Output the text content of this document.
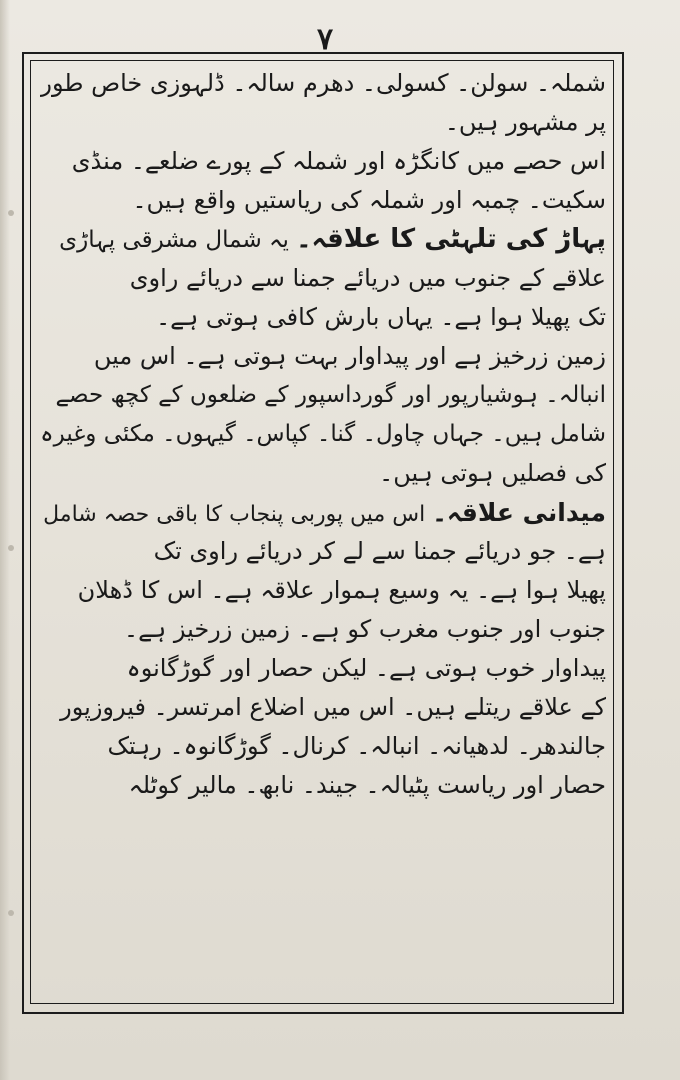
۷
شملہ۔ سولن۔ کسولی۔ دھرم سالہ۔ ڈلہوزی خاص طور
پر مشہور ہیں۔
اس حصے میں کانگڑہ اور شملہ کے پورے ضلعے۔ منڈی
سکیت۔ چمبہ اور شملہ کی ریاستیں واقع ہیں۔
پہاڑ کی تلہٹی کا علاقہ۔ یہ شمال مشرقی پہاڑی
علاقے کے جنوب میں دریائے جمنا سے دریائے راوی
تک پھیلا ہوا ہے۔ یہاں بارش کافی ہوتی ہے۔
زمین زرخیز ہے اور پیداوار بہت ہوتی ہے۔ اس میں
انبالہ۔ ہوشیارپور اور گورداسپور کے ضلعوں کے کچھ حصے
شامل ہیں۔ جہاں چاول۔ گنا۔ کپاس۔ گیہوں۔ مکئی وغیرہ
کی فصلیں ہوتی ہیں۔
میدانی علاقہ۔ اس میں پوربی پنجاب کا باقی حصہ شامل
ہے۔ جو دریائے جمنا سے لے کر دریائے راوی تک
پھیلا ہوا ہے۔ یہ وسیع ہموار علاقہ ہے۔ اس کا ڈھلان
جنوب اور جنوب مغرب کو ہے۔ زمین زرخیز ہے۔
پیداوار خوب ہوتی ہے۔ لیکن حصار اور گوڑگانوہ
کے علاقے ریتلے ہیں۔ اس میں اضلاع امرتسر۔ فیروزپور
جالندھر۔ لدھیانہ۔ انبالہ۔ کرنال۔ گوڑگانوہ۔ رہتک
حصار اور ریاست پٹیالہ۔ جیند۔ نابھ۔ مالیر کوٹلہ
